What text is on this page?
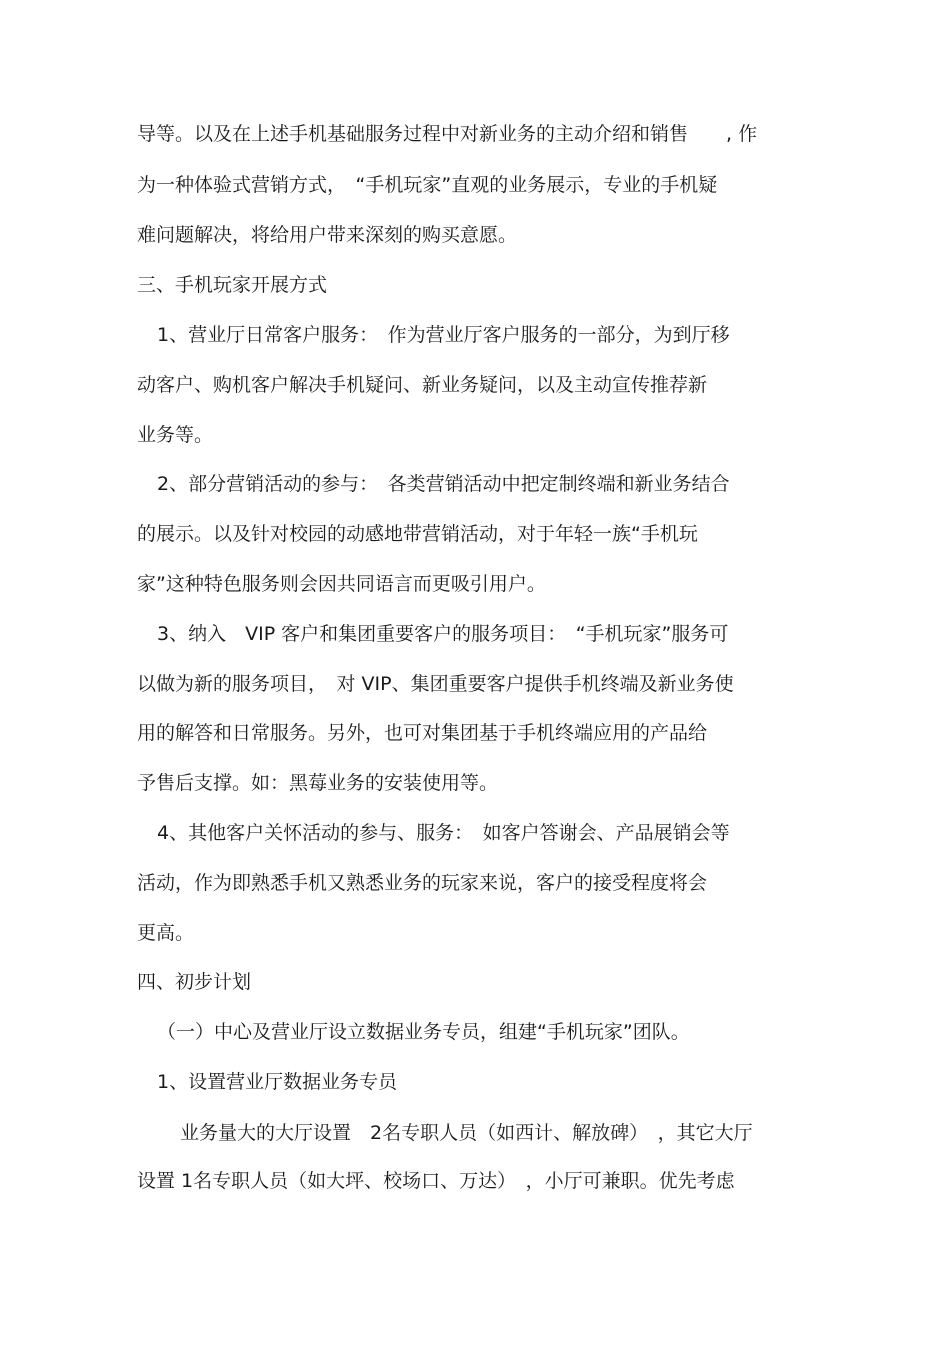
导等。以及在上述手机基础服务过程中对新业务的主动介绍和销售　　, 作
为一种体验式营销方式，　“手机玩家”直观的业务展示，专业的手机疑
难问题解决，将给用户带来深刻的购买意愿。
三、手机玩家开展方式
1、营业厅日常客户服务：　作为营业厅客户服务的一部分，为到厅移
动客户、购机客户解决手机疑问、新业务疑问，以及主动宣传推荐新
业务等。
2、部分营销活动的参与：　各类营销活动中把定制终端和新业务结合
的展示。以及针对校园的动感地带营销活动，对于年轻一族“手机玩
家”这种特色服务则会因共同语言而更吸引用户。
3、纳入　VIP 客户和集团重要客户的服务项目：　“手机玩家”服务可
以做为新的服务项目，　对 VIP、集团重要客户提供手机终端及新业务使
用的解答和日常服务。另外，也可对集团基于手机终端应用的产品给
予售后支撑。如：黑莓业务的安装使用等。
4、其他客户关怀活动的参与、服务：　如客户答谢会、产品展销会等
活动，作为即熟悉手机又熟悉业务的玩家来说，客户的接受程度将会
更高。
四、初步计划
（一）中心及营业厅设立数据业务专员，组建“手机玩家”团队。
1、设置营业厅数据业务专员
业务量大的大厅设置　2名专职人员（如西计、解放碑）　，其它大厅
设置 1名专职人员（如大坪、校场口、万达）　，小厅可兼职。优先考虑
